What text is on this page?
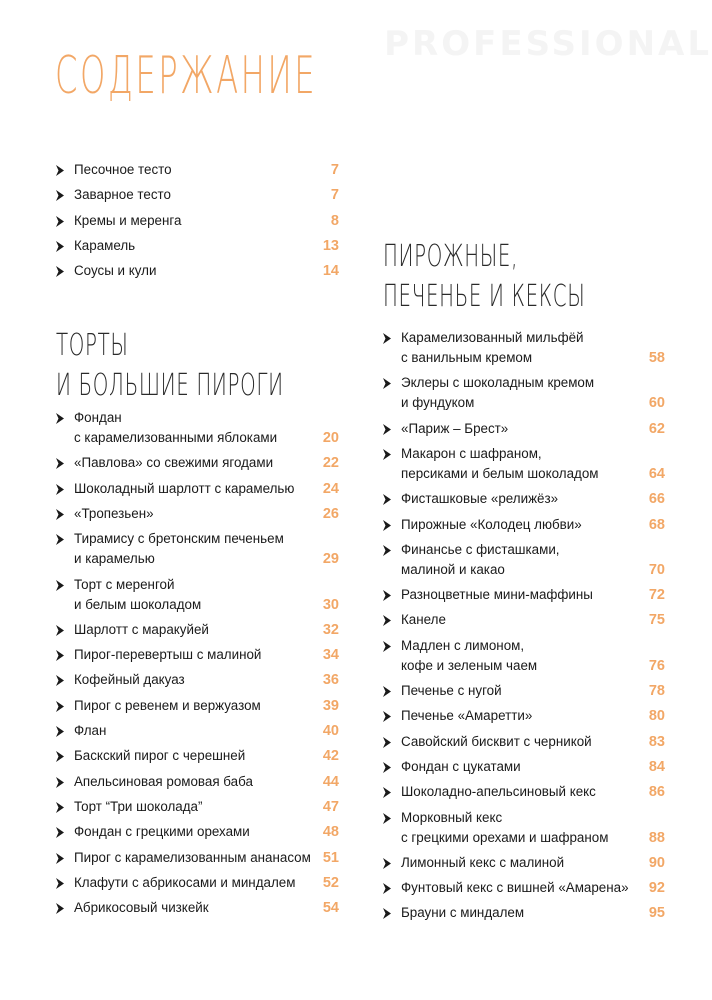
PROFESSIONAL
СОДЕРЖАНИЕ
ТОРТЫ
И БОЛЬШИЕ ПИРОГИ
ПИРОЖНЫЕ,
ПЕЧЕНЬЕ И КЕКСЫ
Песочное тесто	7
Заварное тесто	7
Кремы и меренга	8
Карамель	13
Соусы и кули	14
Фондан
с карамелизованными яблоками	20
«Павлова» со свежими ягодами	22
Шоколадный шарлотт с карамелью	24
«Тропезьен»	26
Тирамису с бретонским печеньем
и карамелью	29
Торт с меренгой
и белым шоколадом	30
Шарлотт с маракуйей	32
Пирог-перевертыш с малиной	34
Кофейный дакуаз	36
Пирог с ревенем и вержуазом	39
Флан	40
Баскский пирог с черешней	42
Апельсиновая ромовая баба	44
Торт “Три шоколада”	47
Фондан с грецкими орехами	48
Пирог с карамелизованным ананасом 51
Клафути с абрикосами и миндалем	52
Абрикосовый чизкейк	54
Карамелизованный мильфёй
с ванильным кремом	58
Эклеры с шоколадным кремом
и фундуком	60
«Париж – Брест»	62
Макарон с шафраном,
персиками и белым шоколадом	64
Фисташковые «релижёз»	66
Пирожные «Колодец любви»	68
Финансье с фисташками,
малиной и какао	70
Разноцветные мини-маффины	72
Канеле	75
Мадлен с лимоном,
кофе и зеленым чаем	76
Печенье с нугой	78
Печенье «Амаретти»	80
Савойский бисквит с черникой	83
Фондан с цукатами	84
Шоколадно-апельсиновый кекс	86
Морковный кекс
с грецкими орехами и шафраном	88
Лимонный кекс с малиной	90
Фунтовый кекс с вишней «Амарена»	92
Брауни с миндалем	95
